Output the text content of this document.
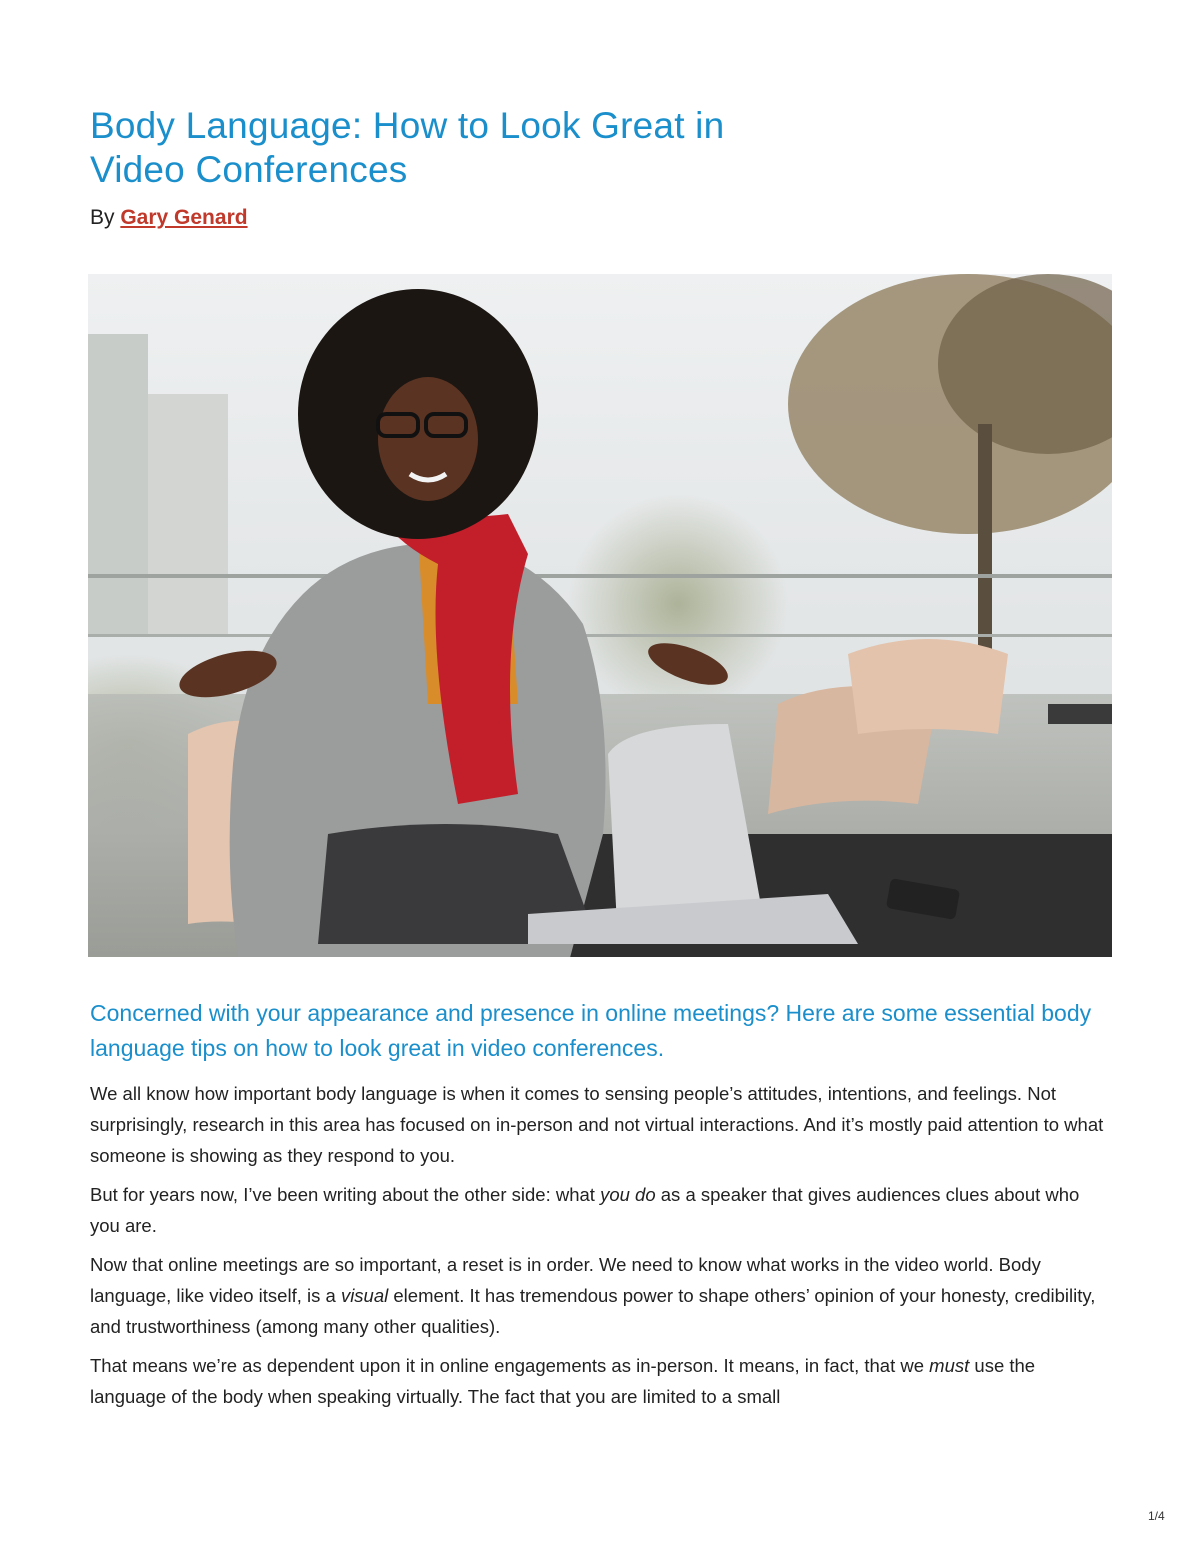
Body Language: How to Look Great in
Video Conferences
By Gary Genard

Concerned with your appearance and presence in online meetings? Here are some essential body language tips on how to look great in video conferences.

We all know how important body language is when it comes to sensing people’s attitudes, intentions, and feelings. Not surprisingly, research in this area has focused on in-person and not virtual interactions. And it’s mostly paid attention to what someone is showing as they respond to you.

But for years now, I’ve been writing about the other side: what you do as a speaker that gives audiences clues about who you are.

Now that online meetings are so important, a reset is in order. We need to know what works in the video world. Body language, like video itself, is a visual element. It has tremendous power to shape others’ opinion of your honesty, credibility, and trustworthiness (among many other qualities).

That means we’re as dependent upon it in online engagements as in-person. It means, in fact, that we must use the language of the body when speaking virtually. The fact that you are limited to a small

1/4
